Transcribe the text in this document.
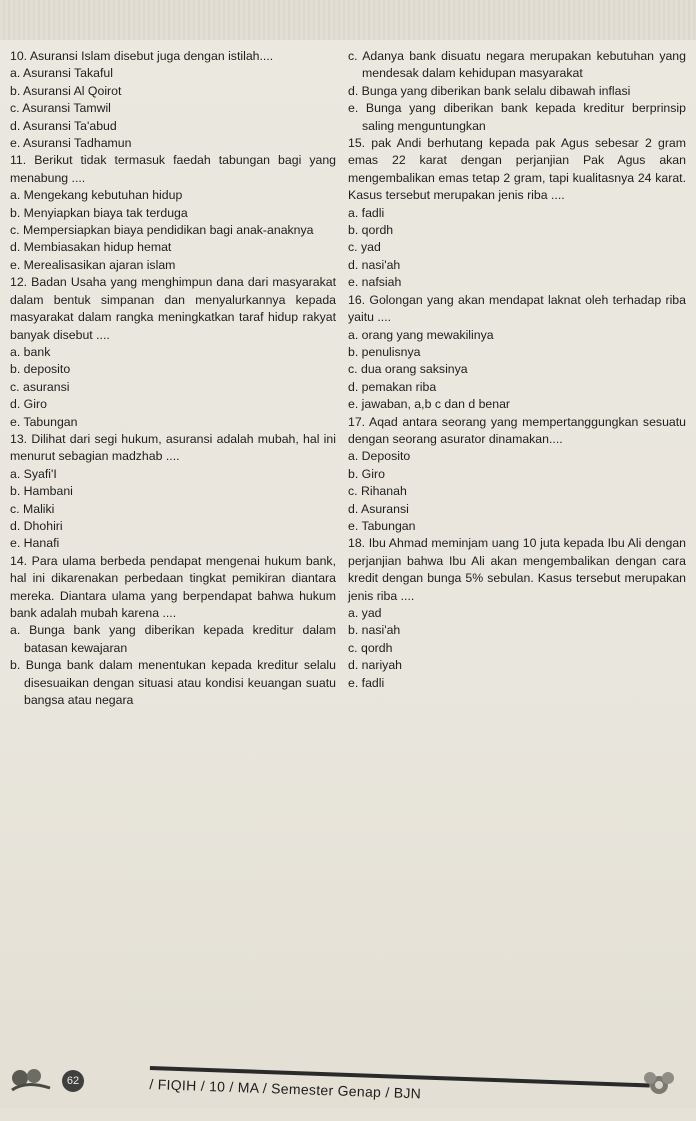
10. Asuransi Islam disebut juga dengan istilah....

a. Asuransi Takaful

b. Asuransi Al Qoirot

c. Asuransi Tamwil

d. Asuransi Ta'abud

e. Asuransi Tadhamun

11. Berikut tidak termasuk faedah tabungan bagi yang menabung ....

a. Mengekang kebutuhan hidup

b. Menyiapkan biaya tak terduga

c. Mempersiapkan biaya pendidikan bagi anak-anaknya

d. Membiasakan hidup hemat

e. Merealisasikan ajaran islam

12. Badan Usaha yang menghimpun dana dari masyarakat dalam bentuk simpanan dan menyalurkannya kepada masyarakat dalam rangka meningkatkan taraf hidup rakyat banyak disebut ....

a. bank

b. deposito

c. asuransi

d. Giro

e. Tabungan

13. Dilihat dari segi hukum, asuransi adalah mubah, hal ini menurut sebagian madzhab ....

a. Syafi'I

b. Hambani

c. Maliki

d. Dhohiri

e. Hanafi

14. Para ulama berbeda pendapat mengenai hukum bank, hal ini dikarenakan perbedaan tingkat pemikiran diantara mereka. Diantara ulama yang berpendapat bahwa hukum bank adalah mubah karena ....

a. Bunga bank yang diberikan kepada kreditur dalam batasan kewajaran

b. Bunga bank dalam menentukan kepada kreditur selalu disesuaikan dengan situasi atau kondisi keuangan suatu bangsa atau negara

c. Adanya bank disuatu negara merupakan kebutuhan yang mendesak dalam kehidupan masyarakat

d. Bunga yang diberikan bank selalu dibawah inflasi

e. Bunga yang diberikan bank kepada kreditur berprinsip saling menguntungkan

15. pak Andi berhutang kepada pak Agus sebesar 2 gram emas 22 karat dengan perjanjian Pak Agus akan mengembalikan emas tetap 2 gram, tapi kualitasnya 24 karat. Kasus tersebut merupakan jenis riba ....

a. fadli

b. qordh

c. yad

d. nasi'ah

e. nafsiah

16. Golongan yang akan mendapat laknat oleh terhadap riba yaitu ....

a. orang yang mewakilinya

b. penulisnya

c. dua orang saksinya

d. pemakan riba

e. jawaban, a,b c dan d benar

17. Aqad antara seorang yang mempertanggungkan sesuatu dengan seorang asurator dinamakan....

a. Deposito

b. Giro

c. Rihanah

d. Asuransi

e. Tabungan

18. Ibu Ahmad meminjam uang 10 juta kepada Ibu Ali dengan perjanjian bahwa Ibu Ali akan mengembalikan dengan cara kredit dengan bunga 5% sebulan. Kasus tersebut merupakan jenis riba ....

a. yad

b. nasi'ah

c. qordh

d. nariyah

e. fadli

62	/ FIQIH / 10 / MA / Semester Genap / BJN
